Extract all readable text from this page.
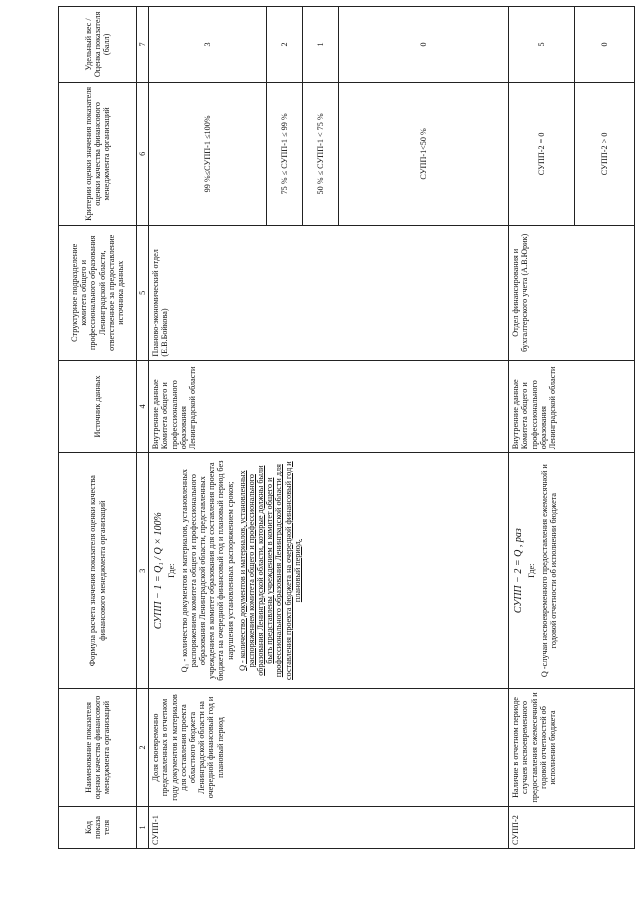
Код показа теля	Наименование показателя оценки качества финансового менеджмента организаций	Формула расчета значения показателя оценки качества финансового менеджмента организаций	Источник данных	Структурное подразделение комитета общего и профессионального образования Ленинградской области, ответственное за предоставление источника данных	Критерии оценки значения показателя оценки качества финансового менеджмента организаций	Удельный вес / Оценка показателя (балл)
1	2	3	4	5	6	7
СУПП-1	Доля своевременно представленных в отчетном году документов и материалов для составления проекта областного бюджета Ленинградской области на очередной финансовый год и плановый период	СУПП − 1 = Q₁ / Q × 100% Где: Q₁ - количество документов и материалов, установленных распоряжением комитета общего и профессионального образования Ленинградской области, представленных учреждением в комитет образования для составления проекта бюджета на очередной финансовый год и плановый период без нарушения установленных распоряжением сроков; Q - количество документов и материалов, установленных распоряжением комитета общего и профессионального образования Ленинградской области, которые должны были быть представлены учреждением в комитет общего и профессионального образования Ленинградской области для составления проекта бюджета на очередной финансовый год и плановый период.	Внутренние данные Комитета общего и профессионального образования Ленинградской области	Планово-экономический отдел (Е.В.Бойкова)	99 %≤СУПП-1 ≤100%	3
					75 % ≤ СУПП-1 ≤ 99 %	2
					50 % ≤ СУПП-1 < 75 %	1
					СУПП-1<50 %	0
СУПП-2	Наличие в отчетном периоде случаев несвоевременного предоставления ежемесячной и годовой отчетностей об исполнении бюджета	СУПП − 2 = Q , раз Где: Q -случаи несвоевременного предоставления ежемесячной и годовой отчетности об исполнении бюджета	Внутренние данные Комитета общего и профессионального образования Ленинградской области	Отдел финансирования и бухгалтерского учета (А.В.Юрик)	СУПП-2 = 0	5
					СУПП-2 > 0	0
